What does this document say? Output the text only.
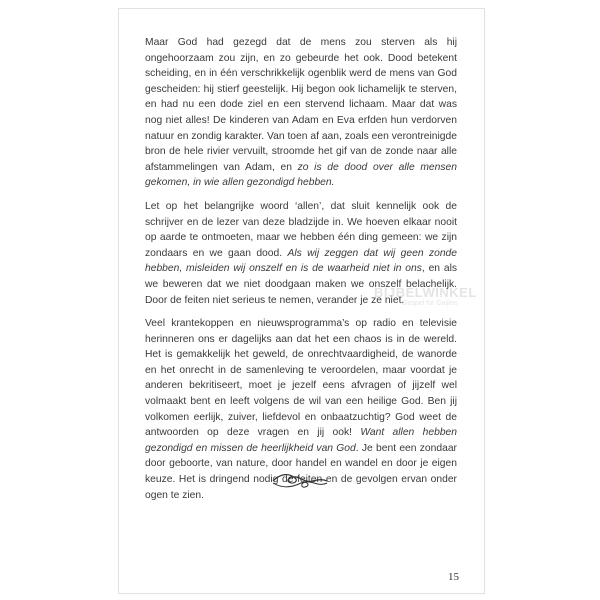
Maar God had gezegd dat de mens zou sterven als hij ongehoorzaam zou zijn, en zo gebeurde het ook. Dood betekent scheiding, en in één verschrikkelijk ogenblik werd de mens van God gescheiden: hij stierf geestelijk. Hij begon ook lichamelijk te sterven, en had nu een dode ziel en een stervend lichaam. Maar dat was nog niet alles! De kinderen van Adam en Eva erfden hun verdorven natuur en zondig karakter. Van toen af aan, zoals een verontreinigde bron de hele rivier vervuilt, stroomde het gif van de zonde naar alle afstammelingen van Adam, en zo is de dood over alle mensen gekomen, in wie allen gezondigd hebben.

Let op het belangrijke woord ‘allen’, dat sluit kennelijk ook de schrijver en de lezer van deze bladzijde in. We hoeven elkaar nooit op aarde te ontmoeten, maar we hebben één ding gemeen: we zijn zondaars en we gaan dood. Als wij zeggen dat wij geen zonde hebben, misleiden wij onszelf en is de waarheid niet in ons, en als we beweren dat we niet doodgaan maken we onszelf belachelijk. Door de feiten niet serieus te nemen, verander je ze niet.

Veel krantekoppen en nieuwsprogramma’s op radio en televisie herinneren ons er dagelijks aan dat het een chaos is in de wereld. Het is gemakkelijk het geweld, de onrechtvaardigheid, de wanorde en het onrecht in de samenleving te veroordelen, maar voordat je anderen bekritiseert, moet je jezelf eens afvragen of jijzelf wel volmaakt bent en leeft volgens de wil van een heilige God. Ben jij volkomen eerlijk, zuiver, liefdevol en onbaatzuchtig? God weet de antwoorden op deze vragen en jij ook! Want allen hebben gezondigd en missen de heerlijkheid van God. Je bent een zondaar door geboorte, van nature, door handel en wandel en door je eigen keuze. Het is dringend nodig de feiten en de gevolgen ervan onder ogen te zien.

BIJBELWINKEL
Gospel for Gaijins
15
